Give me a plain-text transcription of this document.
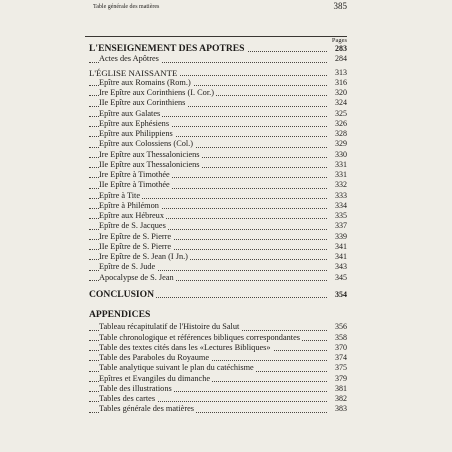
Table générale des matières	385
Pages
L'ENSEIGNEMENT DES APOTRES	283
Actes des Apôtres	284
L'ÉGLISE NAISSANTE	313
Epître aux Romains (Rom.)	316
Ire Epître aux Corinthiens (I. Cor.)	320
IIe Epître aux Corinthiens	324
Epître aux Galates	325
Epître aux Ephésiens	326
Epître aux Philippiens	328
Epître aux Colossiens (Col.)	329
Ire Epître aux Thessaloniciens	330
IIe Epître aux Thessaloniciens	331
Ire Epître à Timothée	331
IIe Epître à Timothée	332
Epître à Tite	333
Epître à Philémon	334
Epître aux Hébreux	335
Epître de S. Jacques	337
Ire Epître de S. Pierre	339
IIe Epître de S. Pierre	341
Ire Epître de S. Jean (I Jn.)	341
Epître de S. Jude	343
Apocalypse de S. Jean	345
CONCLUSION	354
APPENDICES
Tableau récapitulatif de l'Histoire du Salut	356
Table chronologique et références bibliques correspondantes	358
Table des textes cités dans les «Lectures Bibliques»	370
Table des Paraboles du Royaume	374
Table analytique suivant le plan du catéchisme	375
Epîtres et Evangiles du dimanche	379
Table des illustrations	381
Tables des cartes	382
Tables générale des matières	383
